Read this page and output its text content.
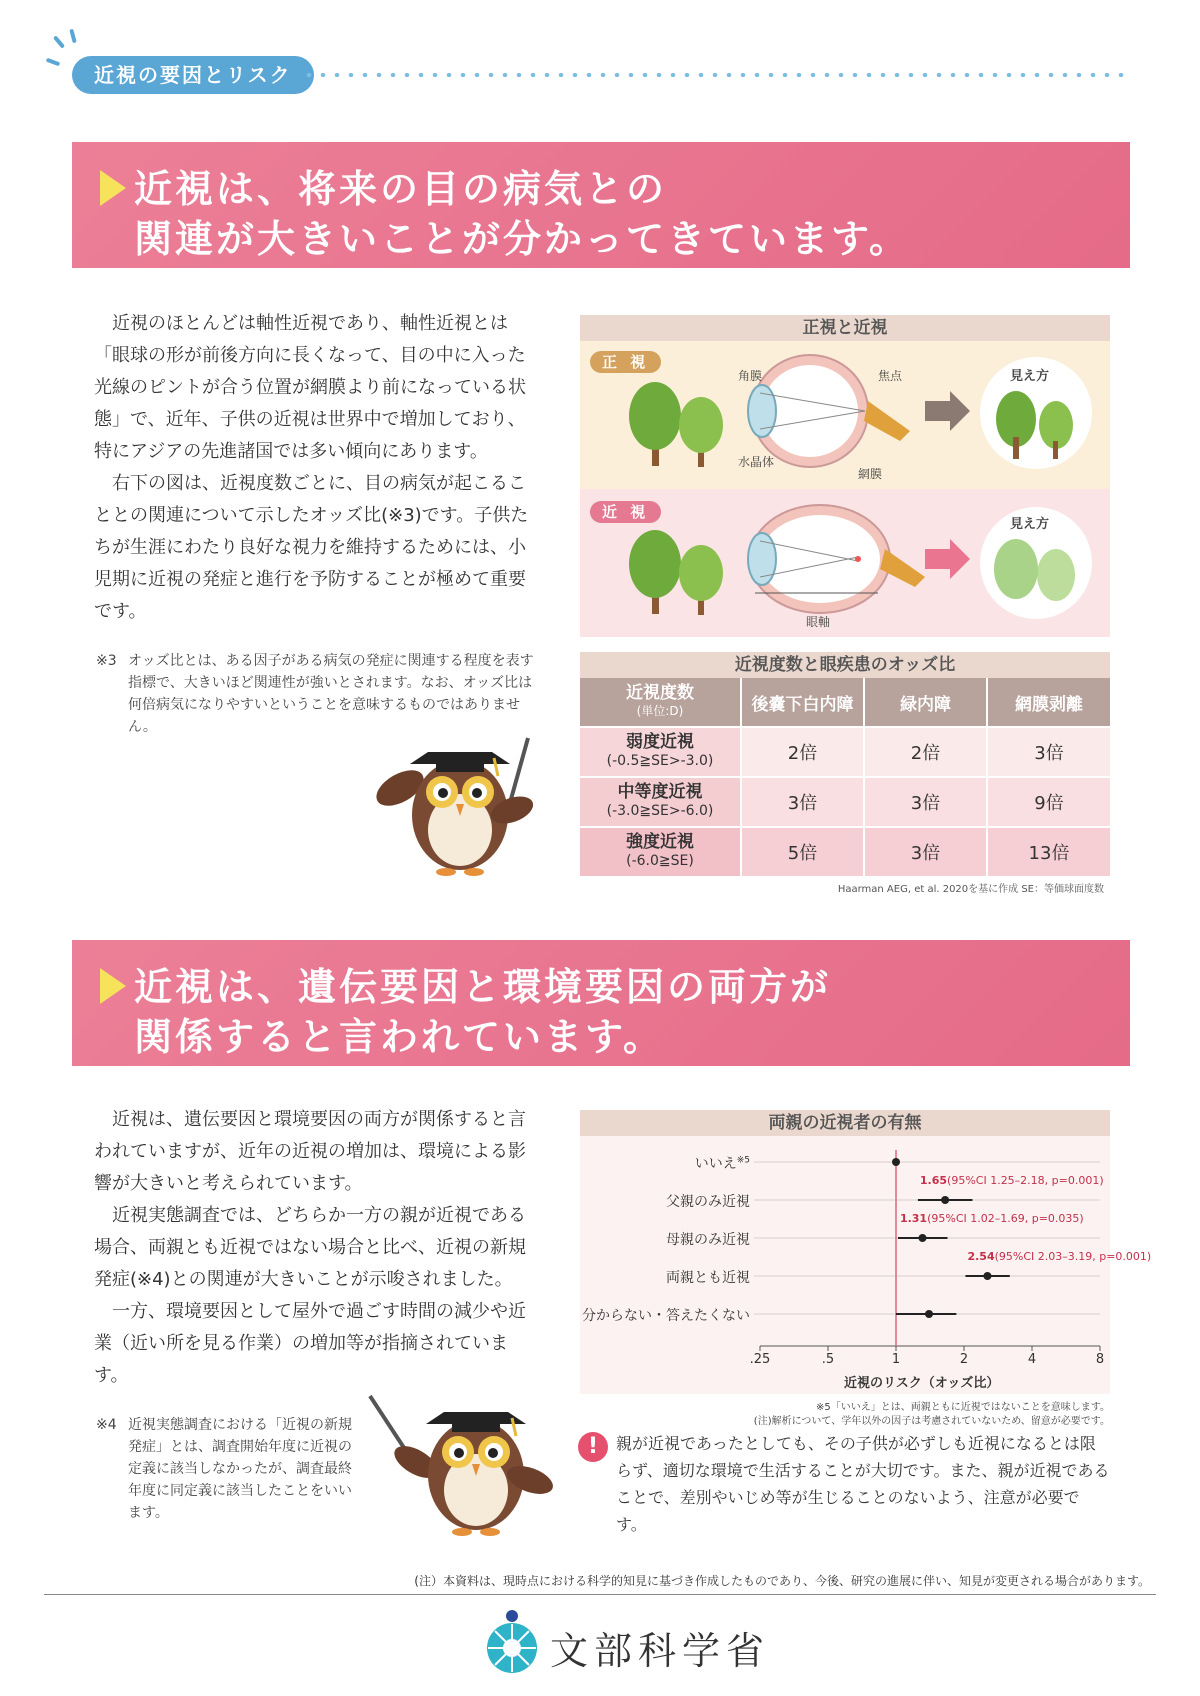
近視の要因とリスク
近視は、将来の目の病気との
関連が大きいことが分かってきています。

近視のほとんどは軸性近視であり、軸性近視とは「眼球の形が前後方向に長くなって、目の中に入った光線のピントが合う位置が網膜より前になっている状態」で、近年、子供の近視は世界中で増加しており、特にアジアの先進諸国では多い傾向にあります。

右下の図は、近視度数ごとに、目の病気が起こることとの関連について示したオッズ比(※3)です。子供たちが生涯にわたり良好な視力を維持するためには、小児期に近視の発症と進行を予防することが極めて重要です。

※3 オッズ比とは、ある因子がある病気の発症に関連する程度を表す指標で、大きいほど関連性が強いとされます。なお、オッズ比は何倍病気になりやすいということを意味するものではありません。
正視と近視
正 視
近 視
角膜	焦点
水晶体
網膜
眼軸
見え方
見え方
近視度数と眼疾患のオッズ比
近視度数
(単位:D)	後嚢下白内障	緑内障	網膜剥離

弱度近視
(-0.5≧SE>-3.0)	2倍	2倍	3倍

中等度近視
(-3.0≧SE>-6.0)	3倍	3倍	9倍

強度近視
(-6.0≧SE)	5倍	3倍	13倍
Haarman AEG, et al. 2020を基に作成 SE：等価球面度数
近視は、遺伝要因と環境要因の両方が
関係すると言われています。

近視は、遺伝要因と環境要因の両方が関係すると言われていますが、近年の近視の増加は、環境による影響が大きいと考えられています。

近視実態調査では、どちらか一方の親が近視である場合、両親とも近視ではない場合と比べ、近視の新規発症(※4)との関連が大きいことが示唆されました。

一方、環境要因として屋外で過ごす時間の減少や近業（近い所を見る作業）の増加等が指摘されています。

※4 近視実態調査における「近視の新規発症」とは、調査開始年度に近視の定義に該当しなかったが、調査最終年度に同定義に該当したことをいいます。
両親の近視者の有無
いいえ$^{※5}$
父親のみ近視
1.65(95%CI 1.25–2.18, p=0.001)
母親のみ近視
1.31(95%CI 1.02–1.69, p=0.035)
両親とも近視
2.54(95%CI 2.03–3.19, p=0.001)
分からない・答えたくない
.25	.5	1	2	4	8
近視のリスク（オッズ比）
※5「いいえ」とは、両親ともに近視ではないことを意味します。
(注)解析について、学年以外の因子は考慮されていないため、留意が必要です。
!	親が近視であったとしても、その子供が必ずしも近視になるとは限らず、適切な環境で生活することが大切です。また、親が近視であることで、差別やいじめ等が生じることのないよう、注意が必要です。
(注）本資料は、現時点における科学的知見に基づき作成したものであり、今後、研究の進展に伴い、知見が変更される場合があります。
文部科学省
